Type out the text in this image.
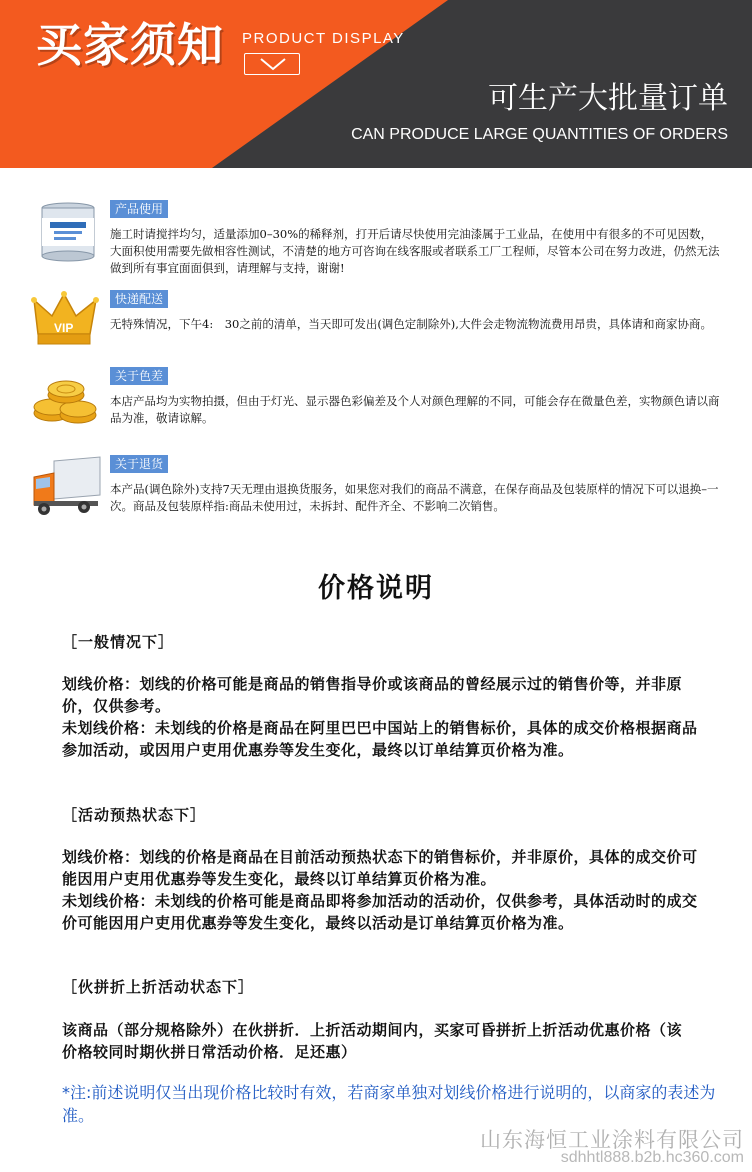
买家须知 PRODUCT DISPLAY
可生产大批量订单
CAN PRODUCE LARGE QUANTITIES OF ORDERS
产品使用
施工时请搅拌均匀，适量添加0–30%的稀释剂，打开后请尽快使用完油漆属于工业品，在使用中有很多的不可见因数，大面积使用需要先做相容性测试，不清楚的地方可咨询在线客服或者联系工厂工程师，尽管本公司在努力改进，仍然无法做到所有事宜面面俱到，请理解与支持，谢谢!
VIP
快递配送
无特殊情况，下午4:　30之前的清单，当天即可发出(调色定制除外),大件会走物流物流费用昂贵，具体请和商家协商。
关于色差
本店产品均为实物拍摄，但由于灯光、显示器色彩偏差及个人对颜色理解的不同，可能会存在微量色差，实物颜色请以商品为准，敬请谅解。
关于退货
本产品(调色除外)支持7天无理由退换货服务，如果您对我们的商品不满意，在保存商品及包装原样的情况下可以退换–一次。商品及包装原样指:商品未使用过，未拆封、配件齐全、不影响二次销售。
价格说明
［一般情况下］
划线价格：划线的价格可能是商品的销售指导价或该商品的曾经展示过的销售价等，并非原价，仅供参考。
未划线价格：未划线的价格是商品在阿里巴巴中国站上的销售标价，具体的成交价格根据商品参加活动，或因用户吏用优惠券等发生变化，最终以订单结算页价格为准。
［活动预热状态下］
划线价格：划线的价格是商品在目前活动预热状态下的销售标价，并非原价，具体的成交价可能因用户吏用优惠券等发生变化，最终以订单结算页价格为准。
未划线价格：未划线的价格可能是商品即将参加活动的活动价，仅供参考，具体活动时的成交价可能因用户吏用优惠券等发生变化，最终以活动是订单结算页价格为准。
［伙拼折上折活动状态下］
该商品（部分规格除外）在伙拼折．上折活动期间内，买家可昏拼折上折活动优惠价格（该　价格较同时期伙拼日常活动价格．足还惠）
*注:前述说明仅当出现价格比较时有效，若商家单独对划线价格进行说明的，以商家的表述为准。
山东海恒工业涂料有限公司
sdhhtl888.b2b.hc360.com
